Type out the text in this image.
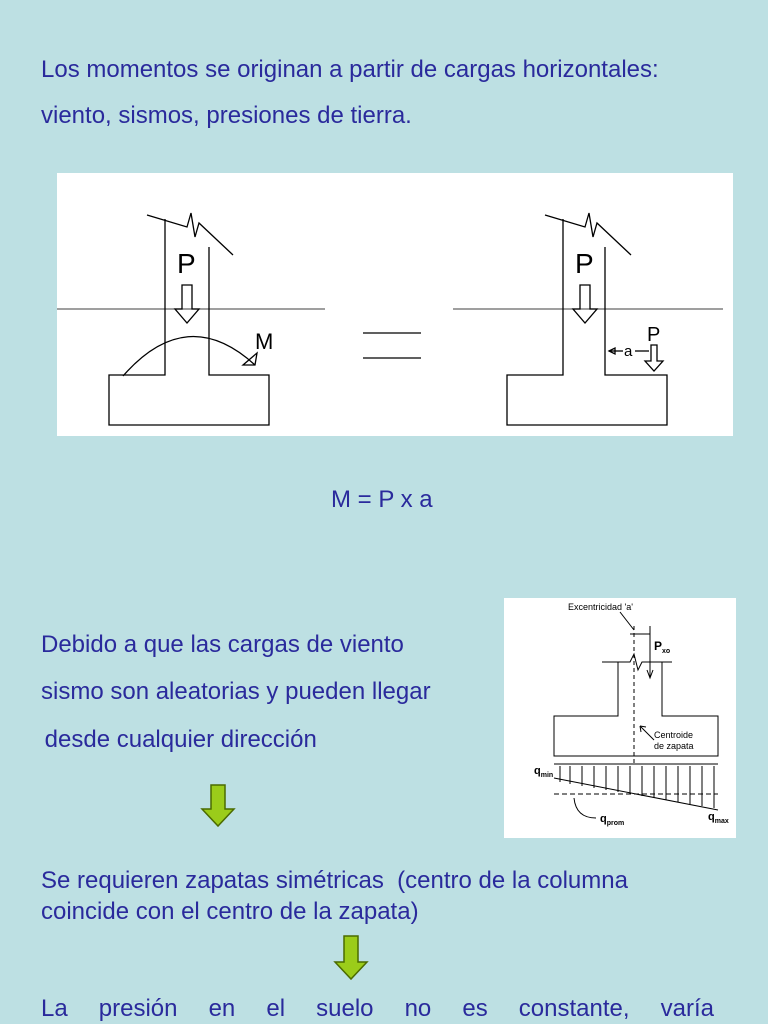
Los momentos se originan a partir de cargas horizontales:
viento, sismos, presiones de tierra.
P
M
P
P
a
M = P x a
Debido a que las cargas de viento
sismo son aleatorias y pueden llegar
desde cualquier dirección
Excentricidad 'a'
$P_{xo}$
Centroide
de zapata
$q_{min}$
$q_{prom}$
$q_{max}$
Se requieren zapatas simétricas  (centro de la columna
coincide con el centro de la zapata)
La presión en el suelo no es constante, varía
